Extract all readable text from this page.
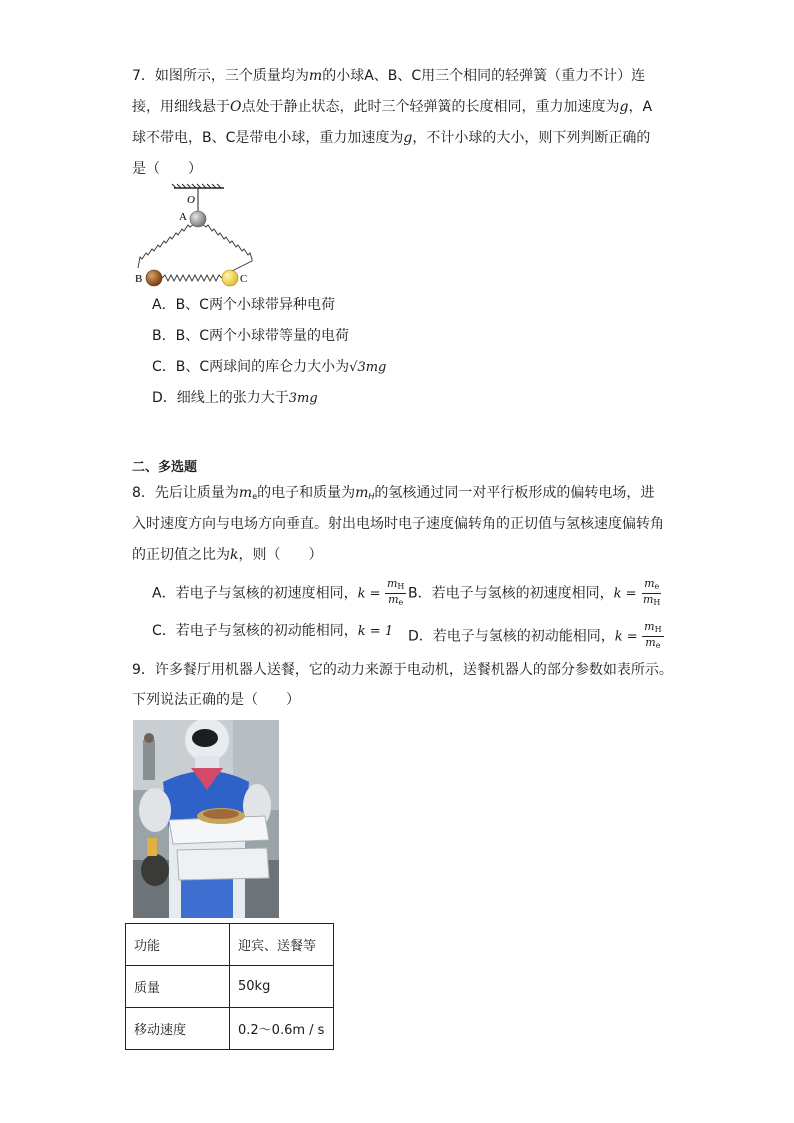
7．如图所示，三个质量均为m的小球A、B、C用三个相同的轻弹簧（重力不计）连
接，用细线悬于O点处于静止状态，此时三个轻弹簧的长度相同，重力加速度为g，A
球不带电，B、C是带电小球，重力加速度为g，不计小球的大小，则下列判断正确的
是（　　）
O
A
B	C
A．B、C两个小球带异种电荷
B．B、C两个小球带等量的电荷
C．B、C两球间的库仑力大小为√3mg
D．细线上的张力大于3mg
二、多选题
8．先后让质量为$m_e$的电子和质量为$m_H$的氢核通过同一对平行板形成的偏转电场，进
入时速度方向与电场方向垂直。射出电场时电子速度偏转角的正切值与氢核速度偏转角
的正切值之比为k，则（　　）
A．若电子与氢核的初速度相同，$k = \frac{m_H}{m_e}$ B．若电子与氢核的初速度相同，$k = \frac{m_e}{m_H}$
C．若电子与氢核的初动能相同，k = 1 D．若电子与氢核的初动能相同，$k = \frac{m_H}{m_e}$
9．许多餐厅用机器人送餐，它的动力来源于电动机，送餐机器人的部分参数如表所示。
下列说法正确的是（　　）
功能	迎宾、送餐等
质量	50kg
移动速度	0.2～0.6m / s
